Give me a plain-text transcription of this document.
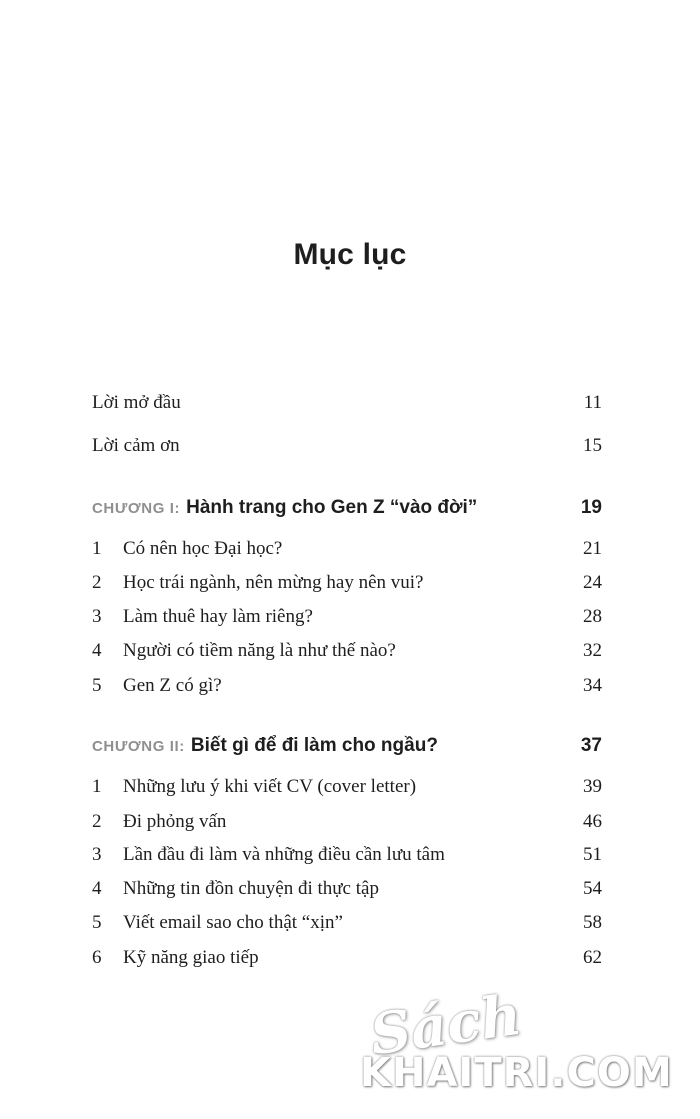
Mục lục
Lời mở đầu	11
Lời cảm ơn	15
CHƯƠNG I: Hành trang cho Gen Z “vào đời”	19
1	Có nên học Đại học?	21
2	Học trái ngành, nên mừng hay nên vui?	24
3	Làm thuê hay làm riêng?	28
4	Người có tiềm năng là như thế nào?	32
5	Gen Z có gì?	34
CHƯƠNG II: Biết gì để đi làm cho ngầu?	37
1	Những lưu ý khi viết CV (cover letter)	39
2	Đi phỏng vấn	46
3	Lần đầu đi làm và những điều cần lưu tâm	51
4	Những tin đồn chuyện đi thực tập	54
5	Viết email sao cho thật “xịn”	58
6	Kỹ năng giao tiếp	62
Sách
KHAITRI.COM
